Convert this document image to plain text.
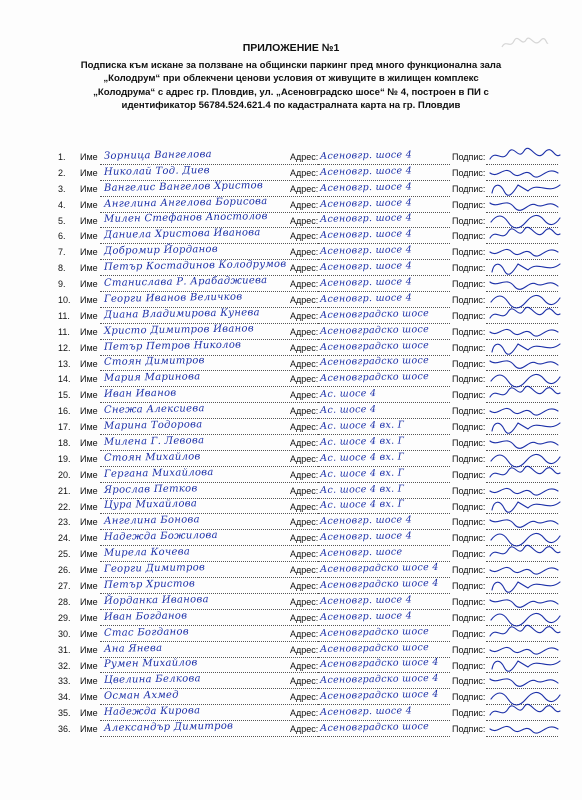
ПРИЛОЖЕНИЕ №1
Подписка към искане за ползване на общински паркинг пред много функционална зала
„Колодрум“ при облекчени ценови условия от живущите в жилищен комплекс
„Колодрума“ с адрес гр. Пловдив, ул. „Асеновградско шосе“ № 4, построен в ПИ с
идентификатор 56784.524.621.4 по кадастралната карта на гр. Пловдив
1.	Име Зорница Вангелова	Адрес: Асеновгр. шосе 4	Подпис:
2.	Име Николай Тод. Диев	Адрес: Асеновгр. шосе 4	Подпис:
3.	Име Вангелис Вангелов Христов	Адрес: Асеновгр. шосе 4	Подпис:
4.	Име Ангелина Ангелова Борисова	Адрес: Асеновгр. шосе 4	Подпис:
5.	Име Милен Стефанов Апостолов	Адрес: Асеновгр. шосе 4	Подпис:
6.	Име Даниела Христова Иванова	Адрес: Асеновгр. шосе 4	Подпис:
7.	Име Добромир Йорданов	Адрес: Асеновгр. шосе 4	Подпис:
8.	Име Петър Костадинов Колодрумов Адрес: Асеновгр. шосе 4	Подпис:
9.	Име Станислава Р. Арабаджиева	Адрес: Асеновгр. шосе 4	Подпис:
10.	Име Георги Иванов Величков	Адрес: Асеновгр. шосе 4	Подпис:
11.	Име Диана Владимирова Кунева	Адрес: Асеновградско шосе	Подпис:
11.	Име Христо Димитров Иванов	Адрес: Асеновградско шосе	Подпис:
12.	Име Петър Петров Николов	Адрес: Асеновградско шосе	Подпис:
13.	Име Стоян Димитров	Адрес: Асеновградско шосе	Подпис:
14.	Име Мария Маринова	Адрес: Асеновградско шосе	Подпис:
15.	Име Иван Иванов	Адрес: Ас. шосе 4	Подпис:
16.	Име Снежа Алексиева	Адрес: Ас. шосе 4	Подпис:
17.	Име Марина Тодорова	Адрес: Ас. шосе 4 вх. Г	Подпис:
18.	Име Милена Г. Левова	Адрес: Ас. шосе 4 вх. Г	Подпис:
19.	Име Стоян Михайлов	Адрес: Ас. шосе 4 вх. Г	Подпис:
20.	Име Гергана Михайлова	Адрес: Ас. шосе 4 вх. Г	Подпис:
21.	Име Ярослав Петков	Адрес: Ас. шосе 4 вх. Г	Подпис:
22.	Име Цура Михайлова	Адрес: Ас. шосе 4 вх. Г	Подпис:
23.	Име Ангелина Бонова	Адрес: Асеновгр. шосе 4	Подпис:
24.	Име Надежда Божилова	Адрес: Асеновгр. шосе 4	Подпис:
25.	Име Мирела Кочева	Адрес: Асеновгр. шосе	Подпис:
26.	Име Георги Димитров	Адрес: Асеновградско шосе 4	Подпис:
27.	Име Петър Христов	Адрес: Асеновградско шосе 4	Подпис:
28.	Име Йорданка Иванова	Адрес: Асеновгр. шосе 4	Подпис:
29.	Име Иван Богданов	Адрес: Асеновгр. шосе 4	Подпис:
30.	Име Стас Богданов	Адрес: Асеновградско шосе	Подпис:
31.	Име Ана Янева	Адрес: Асеновградско шосе	Подпис:
32.	Име Румен Михайлов	Адрес: Асеновградско шосе 4	Подпис:
33.	Име Цвелина Белкова	Адрес: Асеновградско шосе 4	Подпис:
34.	Име Осман Ахмед	Адрес: Асеновградско шосе 4	Подпис:
35.	Име Надежда Кирова	Адрес: Асеновгр. шосе 4	Подпис:
36.	Име Александър Димитров	Адрес: Асеновградско шосе	Подпис:
